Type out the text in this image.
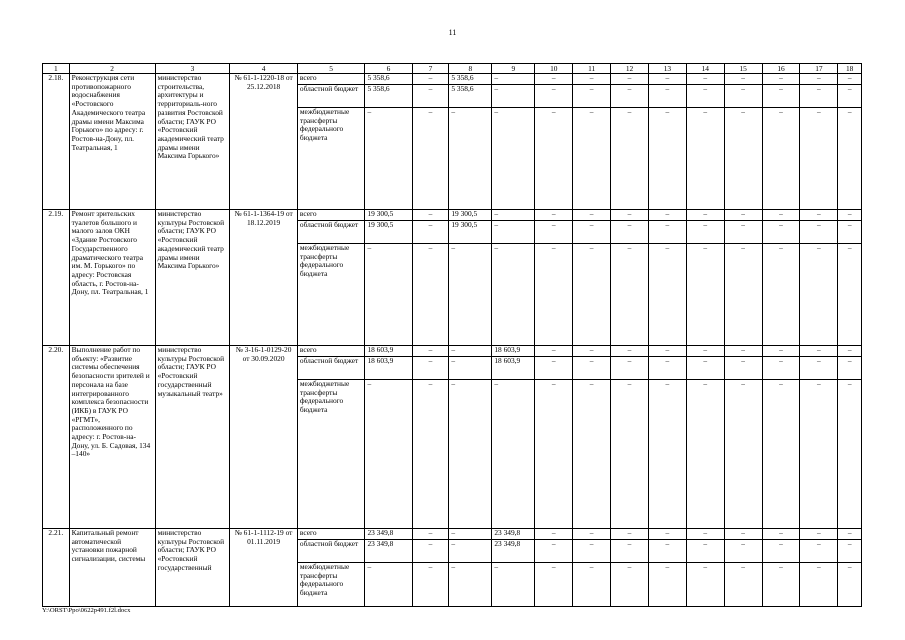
11
1	2	3	4	5	6	7	8	9	10	11	12	13	14	15	16	17	18
2.18.	Реконструкция сети противопожарного водоснабжения «Ростовского Академического театра драмы имени Максима Горького» по адресу: г. Ростов-на-Дону, пл. Театральная, 1	министерство строительства, архитектуры и территориаль-ного развития Ростовской области; ГАУК РО «Ростовский академический театр драмы имени Максима Горького»	№ 61-1-1220-18 от 25.12.2018	всего	5 358,6	–	5 358,6	–	–	–	–	–	–	–	–	–	–
				областной бюджет	5 358,6	–	5 358,6	–	–	–	–	–	–	–	–	–	–
				межбюджетные трансферты федерального бюджета	–	–	–	–	–	–	–	–	–	–	–	–	–
2.19.	Ремонт зрительских туалетов большого и малого залов ОКН «Здание Ростовского Государственного драматического театра им. М. Горького» по адресу: Ростовская область, г. Ростов-на-Дону, пл. Театральная, 1	министерство культуры Ростовской области; ГАУК РО «Ростовский академический театр драмы имени Максима Горького»	№ 61-1-1364-19 от 18.12.2019	всего	19 300,5	–	19 300,5	–	–	–	–	–	–	–	–	–	–
				областной бюджет	19 300,5	–	19 300,5	–	–	–	–	–	–	–	–	–	–
				межбюджетные трансферты федерального бюджета	–	–	–	–	–	–	–	–	–	–	–	–	–
2.20.	Выполнение работ по объекту: «Развитие системы обеспечения безопасности зрителей и персонала на базе интегрированного комплекса безопасности (ИКБ) в ГАУК РО «РГМТ», расположенного по адресу: г. Ростов-на-Дону, ул. Б. Садовая, 134 –140»	министерство культуры Ростовской области; ГАУК РО «Ростовский государственный музыкальный театр»	№ 3-16-1-0129-20 от 30.09.2020	всего	18 603,9	–	–	18 603,9	–	–	–	–	–	–	–	–	–
				областной бюджет	18 603,9	–	–	18 603,9	–	–	–	–	–	–	–	–	–
				межбюджетные трансферты федерального бюджета	–	–	–	–	–	–	–	–	–	–	–	–	–
2.21.	Капитальный ремонт автоматической установки пожарной сигнализации, системы	министерство культуры Ростовской области; ГАУК РО «Ростовский государственный	№ 61-1-1112-19 от 01.11.2019	всего	23 349,8	–	–	23 349,8	–	–	–	–	–	–	–	–	–
				областной бюджет	23 349,8	–	–	23 349,8	–	–	–	–	–	–	–	–	–
				межбюджетные трансферты федерального бюджета	–	–	–	–	–	–	–	–	–	–	–	–	–
Y:\ORST\Ppo\0622p491.f2l.docx
